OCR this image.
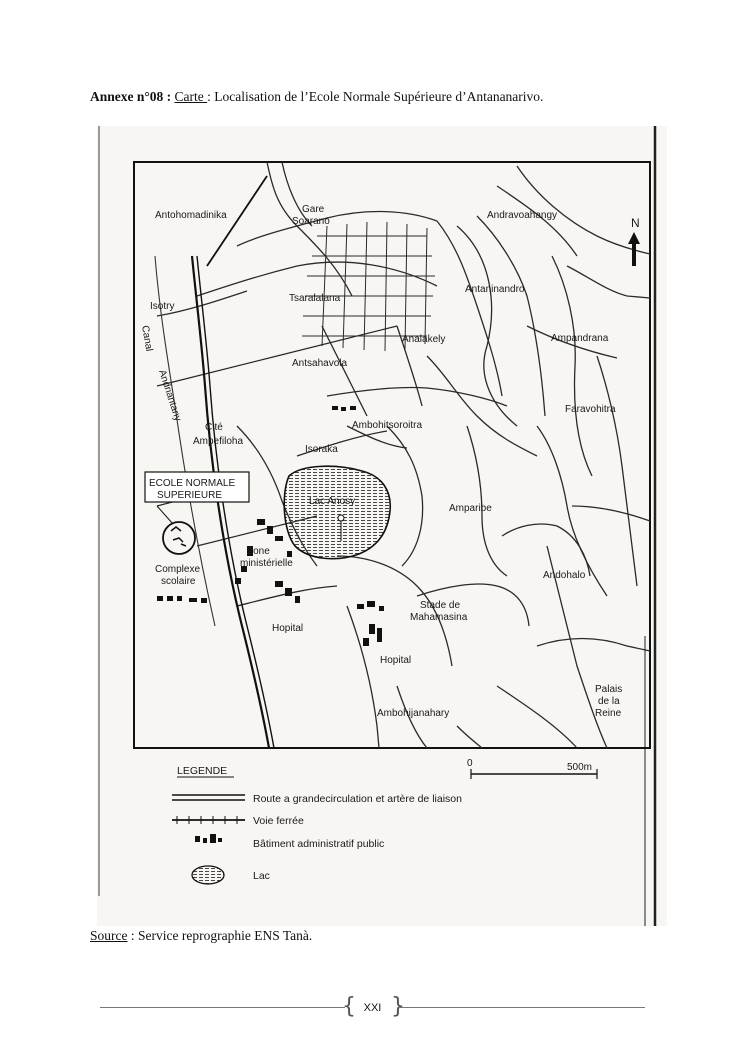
Annexe n°08 : Carte : Localisation de l’Ecole Normale Supérieure d’Antananarivo.
Antohomadinika
Gare
Soarano
Andravoahangy
N
Isotry
Tsaralalana
Antaninandro
Ampandrana
Analakely
Antsahavola
Faravohitra
Canal
Andriantany
Cité
Ampefiloha
Ambohitsoroitra
Isoraka
ECOLE NORMALE
SUPERIEURE
Lac Anosy
Amparibe
Zone
ministérielle
Complexe
scolaire
Andohalo
Stade de
Mahamasina
Hopital
Hopital
Palais
de la
Reine
Ambohijanahary
0	500m
LEGENDE
Route a grandecirculation et artère de liaison
Voie ferrée
Bâtiment administratif public
Lac
Source : Service reprographie ENS Tanà.
{ }
XXI
